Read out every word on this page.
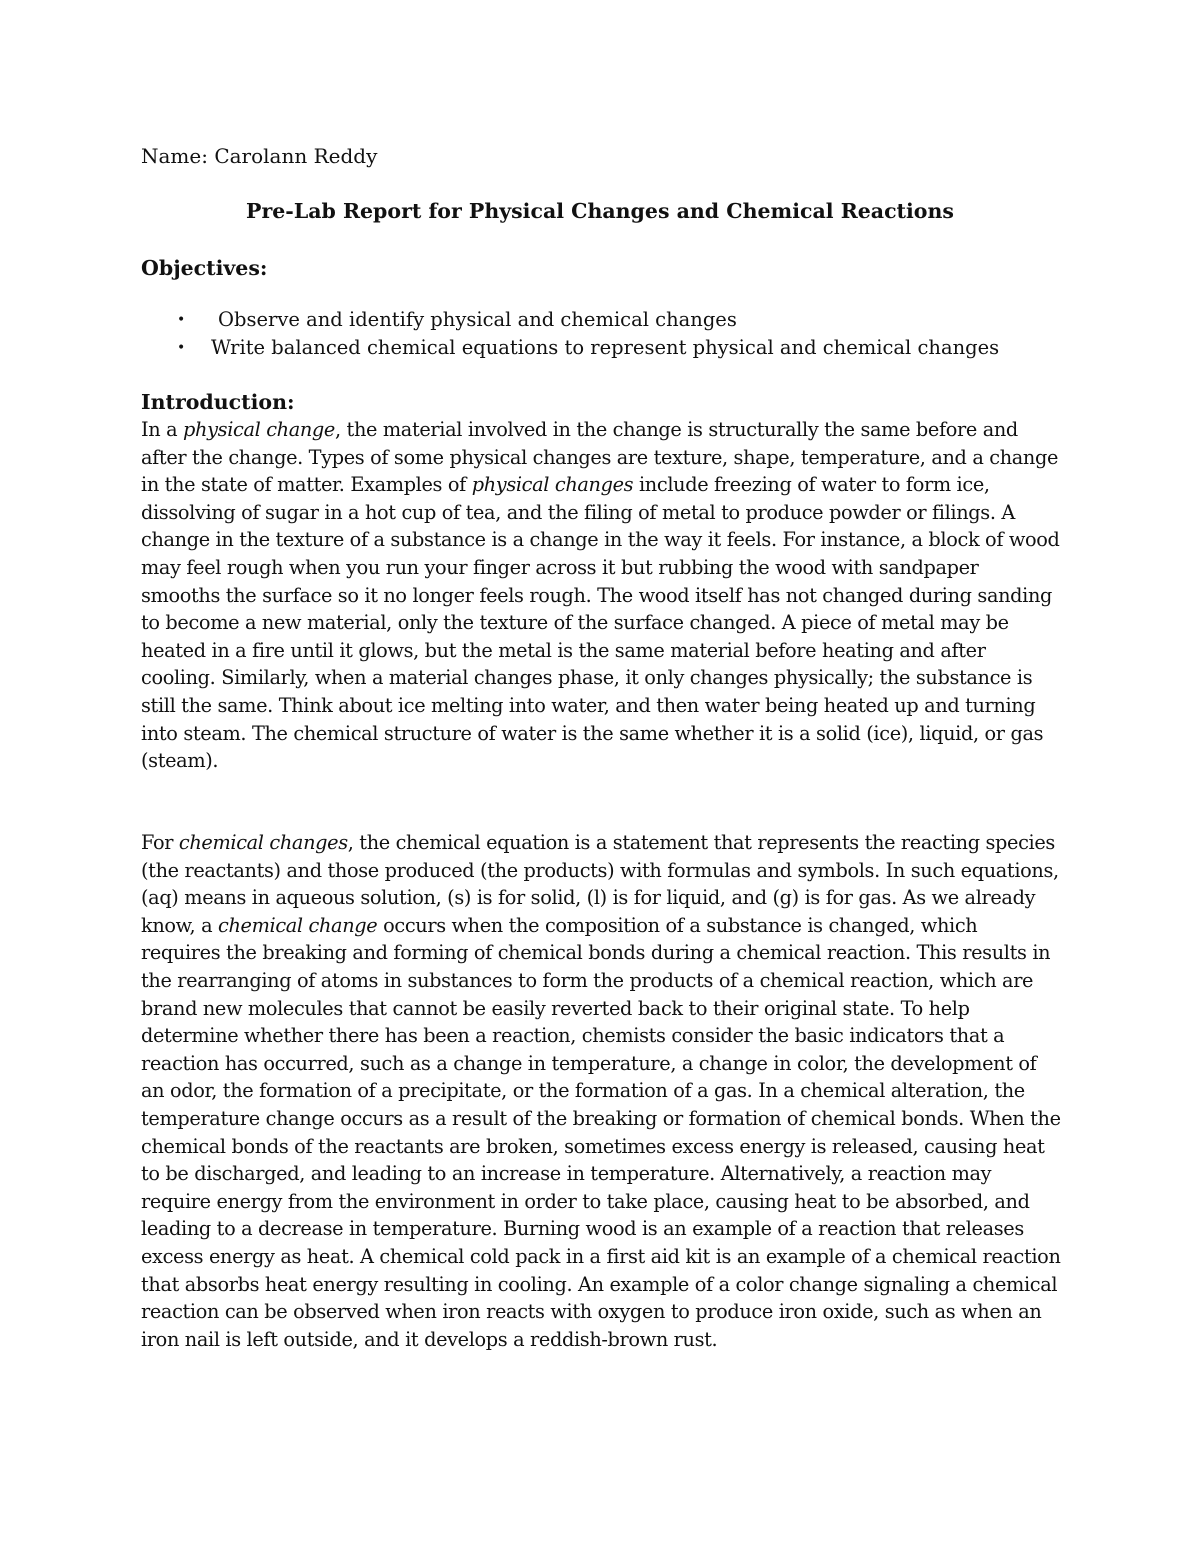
Name: Carolann Reddy
Pre-Lab Report for Physical Changes and Chemical Reactions
Objectives:
• Observe and identify physical and chemical changes
• Write balanced chemical equations to represent physical and chemical changes
Introduction:

In a physical change, the material involved in the change is structurally the same before and after the change. Types of some physical changes are texture, shape, temperature, and a change in the state of matter. Examples of physical changes include freezing of water to form ice, dissolving of sugar in a hot cup of tea, and the filing of metal to produce powder or filings. A change in the texture of a substance is a change in the way it feels. For instance, a block of wood may feel rough when you run your finger across it but rubbing the wood with sandpaper smooths the surface so it no longer feels rough. The wood itself has not changed during sanding to become a new material, only the texture of the surface changed. A piece of metal may be heated in a fire until it glows, but the metal is the same material before heating and after cooling. Similarly, when a material changes phase, it only changes physically; the substance is still the same. Think about ice melting into water, and then water being heated up and turning into steam. The chemical structure of water is the same whether it is a solid (ice), liquid, or gas (steam).

For chemical changes, the chemical equation is a statement that represents the reacting species (the reactants) and those produced (the products) with formulas and symbols. In such equations, (aq) means in aqueous solution, (s) is for solid, (l) is for liquid, and (g) is for gas. As we already know, a chemical change occurs when the composition of a substance is changed, which requires the breaking and forming of chemical bonds during a chemical reaction. This results in the rearranging of atoms in substances to form the products of a chemical reaction, which are brand new molecules that cannot be easily reverted back to their original state. To help determine whether there has been a reaction, chemists consider the basic indicators that a reaction has occurred, such as a change in temperature, a change in color, the development of an odor, the formation of a precipitate, or the formation of a gas. In a chemical alteration, the temperature change occurs as a result of the breaking or formation of chemical bonds. When the chemical bonds of the reactants are broken, sometimes excess energy is released, causing heat to be discharged, and leading to an increase in temperature. Alternatively, a reaction may require energy from the environment in order to take place, causing heat to be absorbed, and leading to a decrease in temperature. Burning wood is an example of a reaction that releases excess energy as heat. A chemical cold pack in a first aid kit is an example of a chemical reaction that absorbs heat energy resulting in cooling. An example of a color change signaling a chemical reaction can be observed when iron reacts with oxygen to produce iron oxide, such as when an iron nail is left outside, and it develops a reddish-brown rust.
